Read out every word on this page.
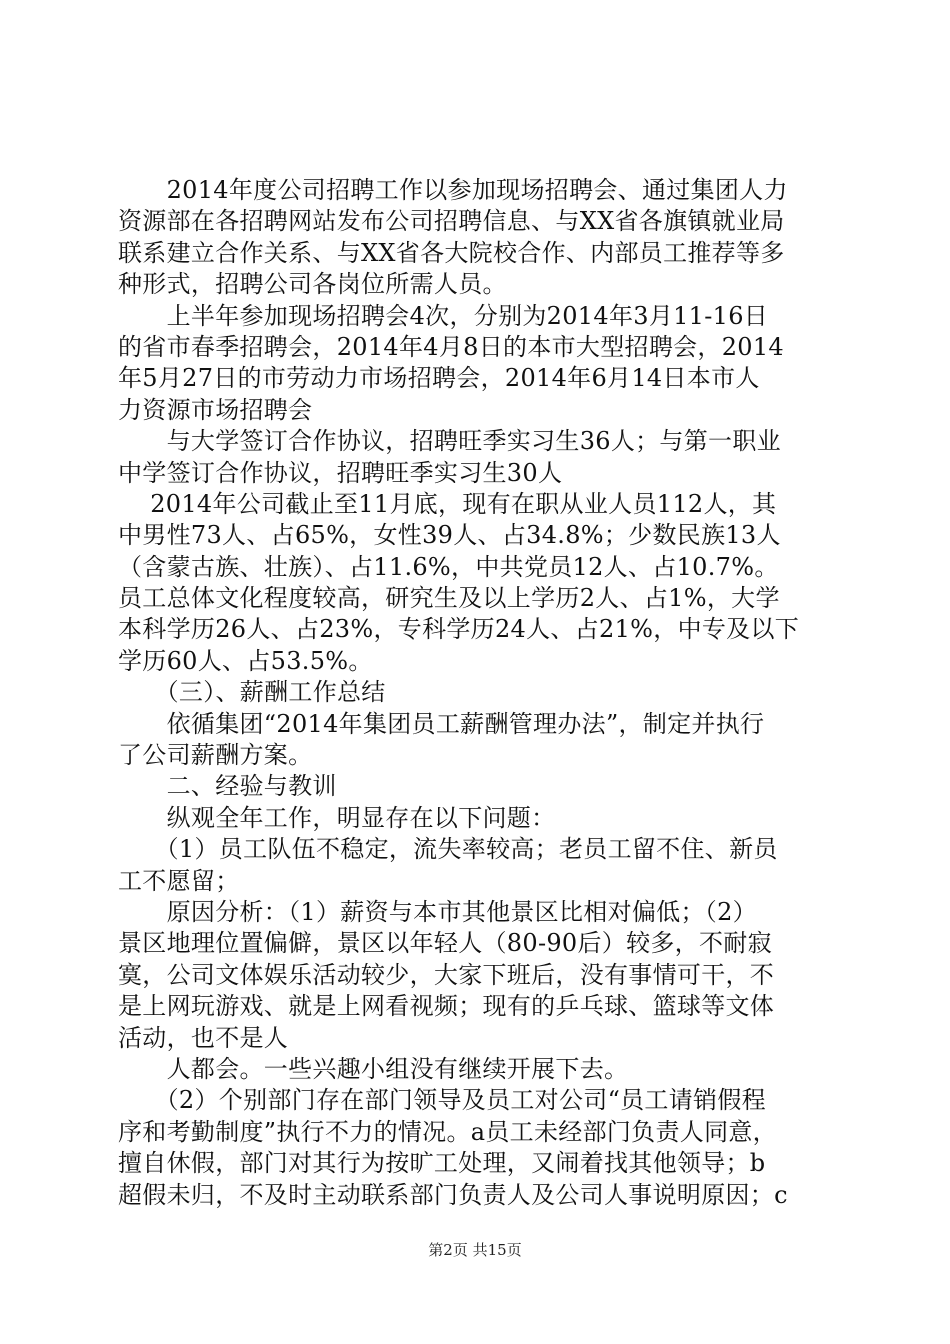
　　2014年度公司招聘工作以参加现场招聘会、通过集团人力
资源部在各招聘网站发布公司招聘信息、与XX省各旗镇就业局
联系建立合作关系、与XX省各大院校合作、内部员工推荐等多
种形式，招聘公司各岗位所需人员。
　　上半年参加现场招聘会4次，分别为2014年3月11-16日
的省市春季招聘会，2014年4月8日的本市大型招聘会，2014
年5月27日的市劳动力市场招聘会，2014年6月14日本市人
力资源市场招聘会
　　与大学签订合作协议，招聘旺季实习生36人；与第一职业
中学签订合作协议，招聘旺季实习生30人
　 2014年公司截止至11月底，现有在职从业人员112人，其
中男性73人、占65%，女性39人、占34.8%；少数民族13人
（含蒙古族、壮族）、占11.6%，中共党员12人、占10.7%。
员工总体文化程度较高，研究生及以上学历2人、占1%，大学
本科学历26人、占23%，专科学历24人、占21%，中专及以下
学历60人、占53.5%。
　　（三）、薪酬工作总结
　　依循集团“2014年集团员工薪酬管理办法”，制定并执行
了公司薪酬方案。
　　二、经验与教训
　　纵观全年工作，明显存在以下问题：
　　（1）员工队伍不稳定，流失率较高；老员工留不住、新员
工不愿留；
　　原因分析：（1）薪资与本市其他景区比相对偏低；（2）
景区地理位置偏僻，景区以年轻人（80-90后）较多，不耐寂
寞，公司文体娱乐活动较少，大家下班后，没有事情可干，不
是上网玩游戏、就是上网看视频；现有的乒乓球、篮球等文体
活动，也不是人
　　人都会。一些兴趣小组没有继续开展下去。
　　（2）个别部门存在部门领导及员工对公司“员工请销假程
序和考勤制度”执行不力的情况。a员工未经部门负责人同意，
擅自休假，部门对其行为按旷工处理，又闹着找其他领导；b
超假未归，不及时主动联系部门负责人及公司人事说明原因；c
第2页 共15页
